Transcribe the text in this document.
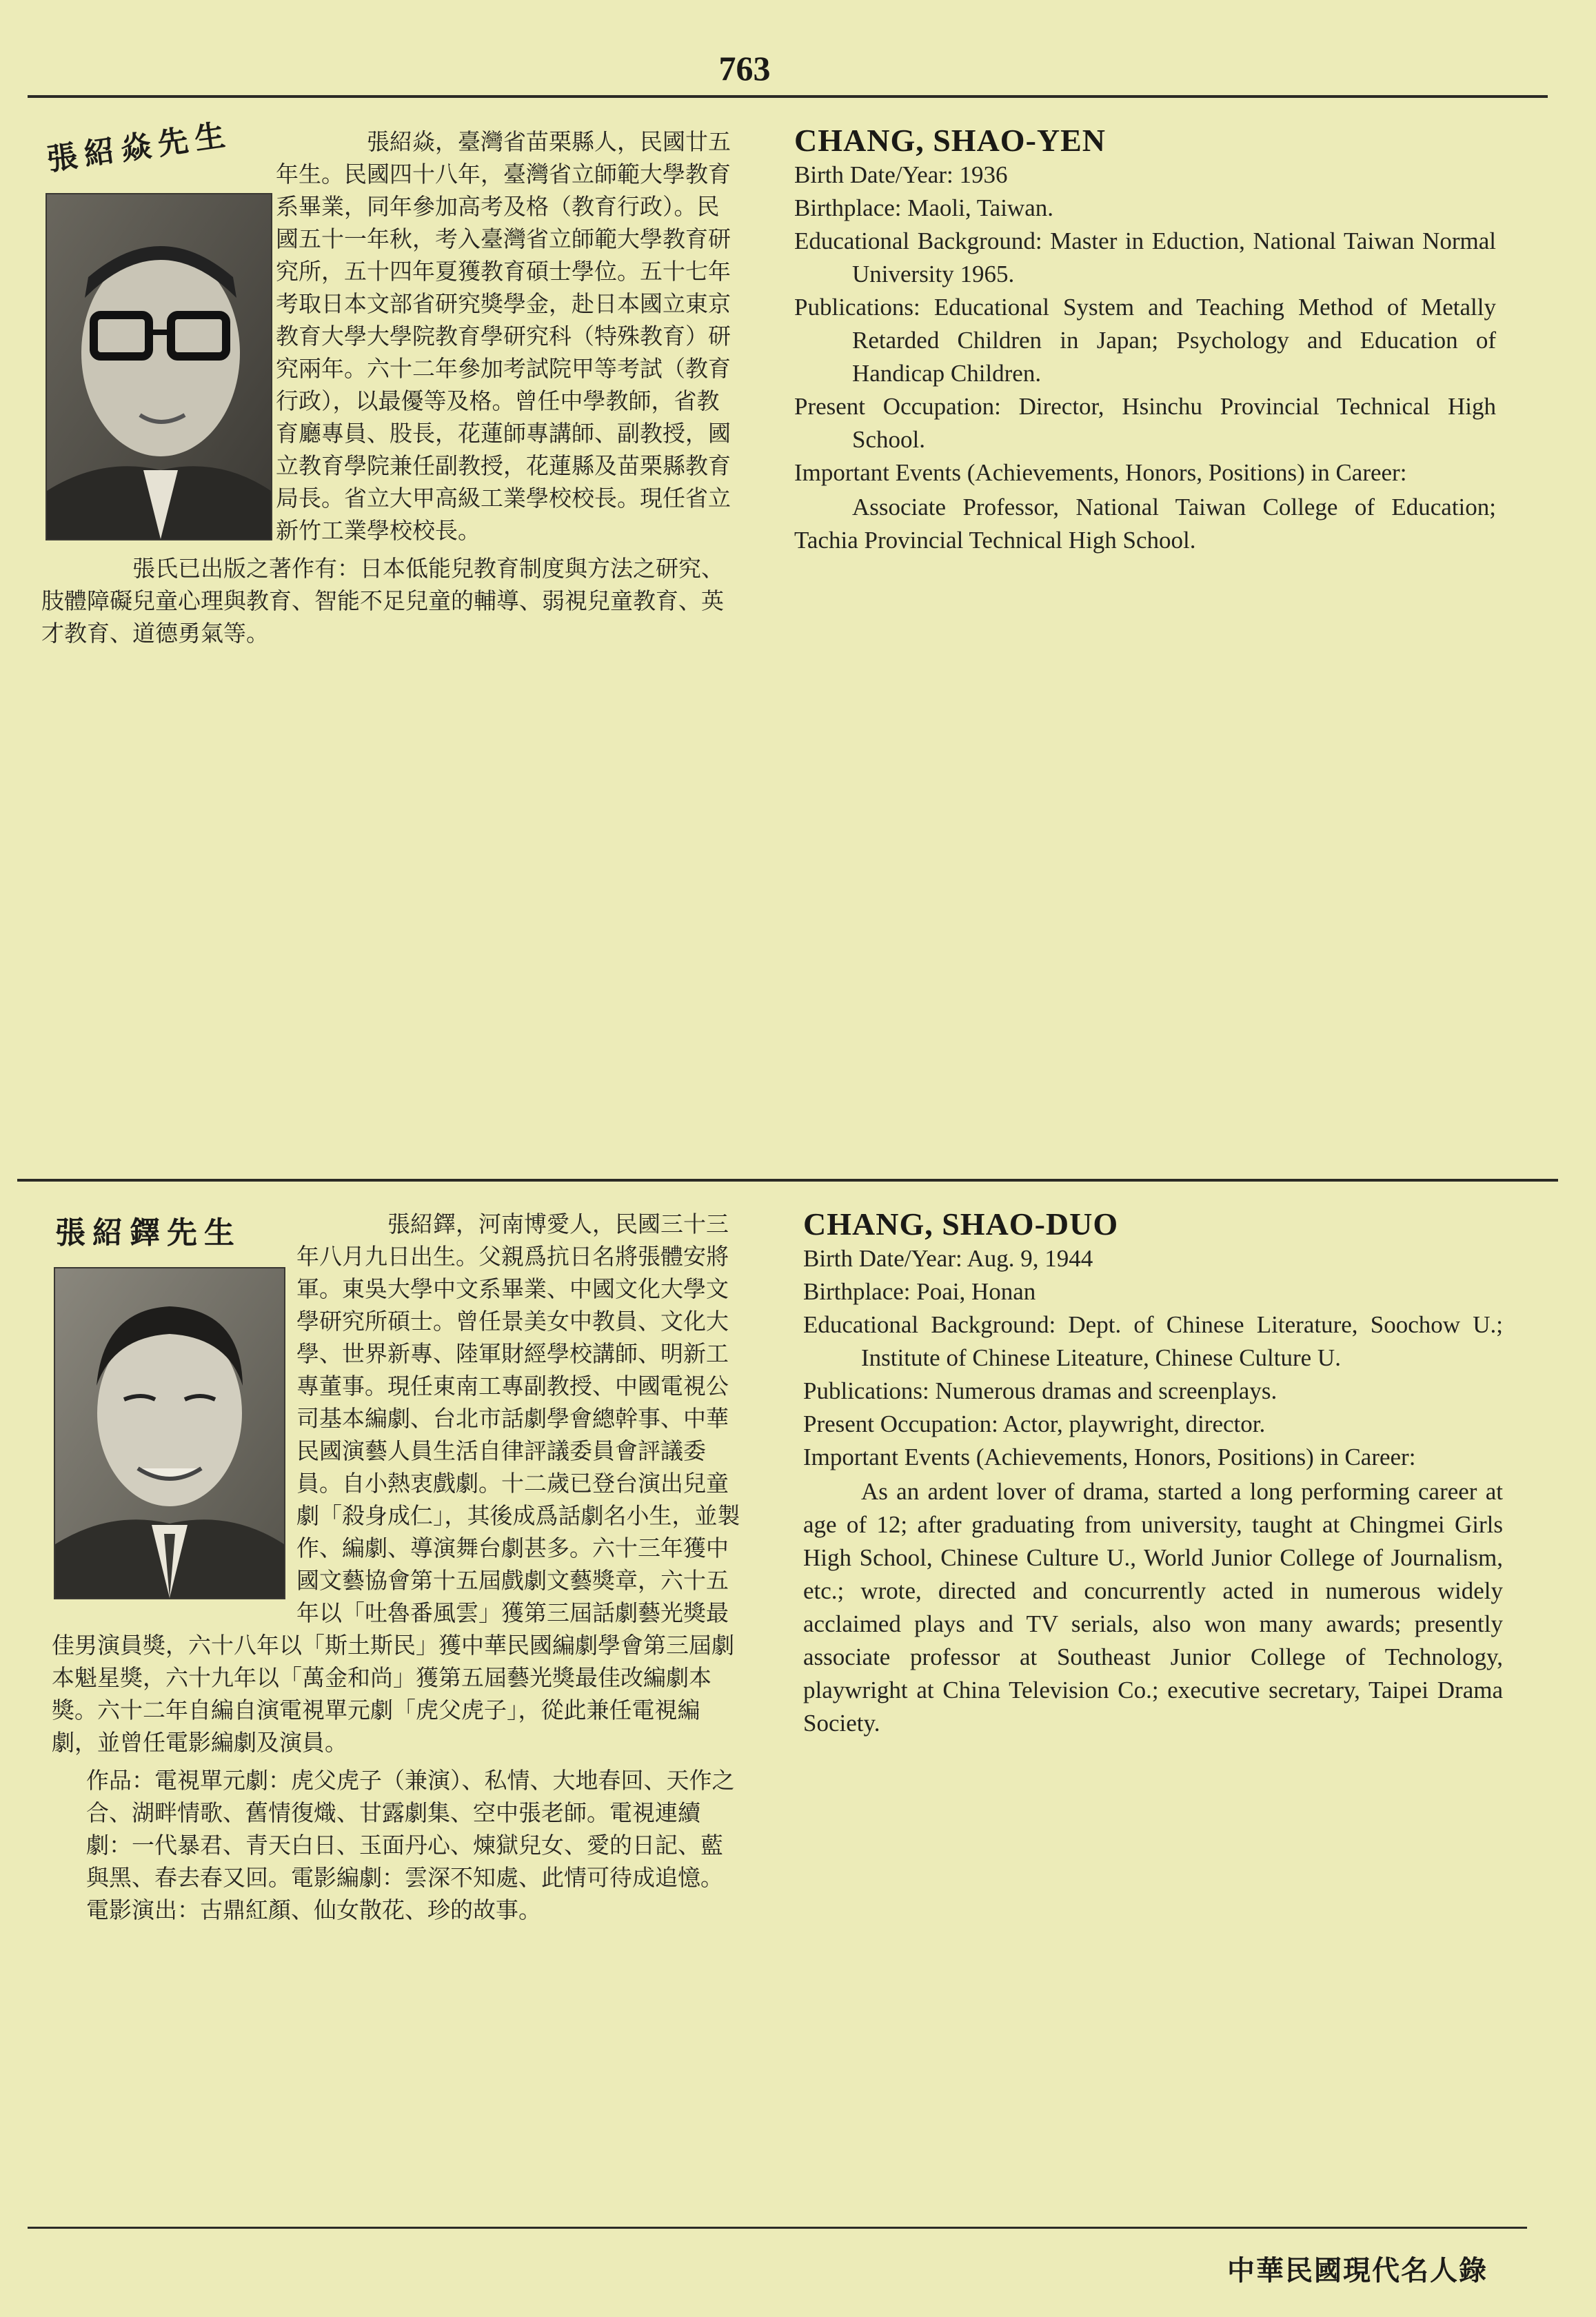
763
張紹焱先生	張紹焱，臺灣省苗栗縣人，民國廿五年生。民國四十八年，臺灣省立師範大學教育系畢業，同年參加高考及格（教育行政）。民國五十一年秋，考入臺灣省立師範大學教育研究所，五十四年夏獲教育碩士學位。五十七年考取日本文部省研究獎學金，赴日本國立東京教育大學大學院教育學研究科（特殊教育）研究兩年。六十二年參加考試院甲等考試（教育行政），以最優等及格。曾任中學教師，省教育廳專員、股長，花蓮師專講師、副教授，國立教育學院兼任副教授，花蓮縣及苗栗縣教育局長。省立大甲高級工業學校校長。現任省立新竹工業學校校長。

張氏已出版之著作有：日本低能兒教育制度與方法之研究、肢體障礙兒童心理與教育、智能不足兒童的輔導、弱視兒童教育、英才教育、道德勇氣等。

CHANG, SHAO-YEN
Birth Date/Year: 1936
Birthplace: Maoli, Taiwan.
Educational Background: Master in Eduction, National Taiwan Normal University 1965.
Publications: Educational System and Teaching Method of Metally Retarded Children in Japan; Psychology and Education of Handicap Children.
Present Occupation: Director, Hsinchu Provincial Technical High School.
Important Events (Achievements, Honors, Positions) in Career:
Associate Professor, National Taiwan College of Education; Tachia Provincial Technical High School.
張紹鐸先生	張紹鐸，河南博愛人，民國三十三年八月九日出生。父親爲抗日名將張體安將軍。東吳大學中文系畢業、中國文化大學文學研究所碩士。曾任景美女中教員、文化大學、世界新專、陸軍財經學校講師、明新工專董事。現任東南工專副教授、中國電視公司基本編劇、台北市話劇學會總幹事、中華民國演藝人員生活自律評議委員會評議委員。自小熱衷戲劇。十二歲已登台演出兒童劇「殺身成仁」，其後成爲話劇名小生，並製作、編劇、導演舞台劇甚多。六十三年獲中國文藝協會第十五屆戲劇文藝獎章，六十五年以「吐魯番風雲」獲第三屆話劇藝光獎最佳男演員獎，六十八年以「斯土斯民」獲中華民國編劇學會第三屆劇本魁星獎，六十九年以「萬金和尚」獲第五屆藝光獎最佳改編劇本獎。六十二年自編自演電視單元劇「虎父虎子」，從此兼任電視編劇，並曾任電影編劇及演員。

作品：電視單元劇：虎父虎子（兼演）、私情、大地春回、天作之合、湖畔情歌、舊情復熾、甘露劇集、空中張老師。電視連續劇：一代暴君、青天白日、玉面丹心、煉獄兒女、愛的日記、藍與黑、春去春又回。電影編劇：雲深不知處、此情可待成追憶。電影演出：古鼎紅顏、仙女散花、珍的故事。

CHANG, SHAO-DUO
Birth Date/Year: Aug. 9, 1944
Birthplace: Poai, Honan
Educational Background: Dept. of Chinese Literature, Soochow U.; Institute of Chinese Liteature, Chinese Culture U.
Publications: Numerous dramas and screenplays.
Present Occupation: Actor, playwright, director.
Important Events (Achievements, Honors, Positions) in Career:
As an ardent lover of drama, started a long performing career at age of 12; after graduating from university, taught at Chingmei Girls High School, Chinese Culture U., World Junior College of Journalism, etc.; wrote, directed and concurrently acted in numerous widely acclaimed plays and TV serials, also won many awards; presently associate professor at Southeast Junior College of Technology, playwright at China Television Co.; executive secretary, Taipei Drama Society.
中華民國現代名人錄
